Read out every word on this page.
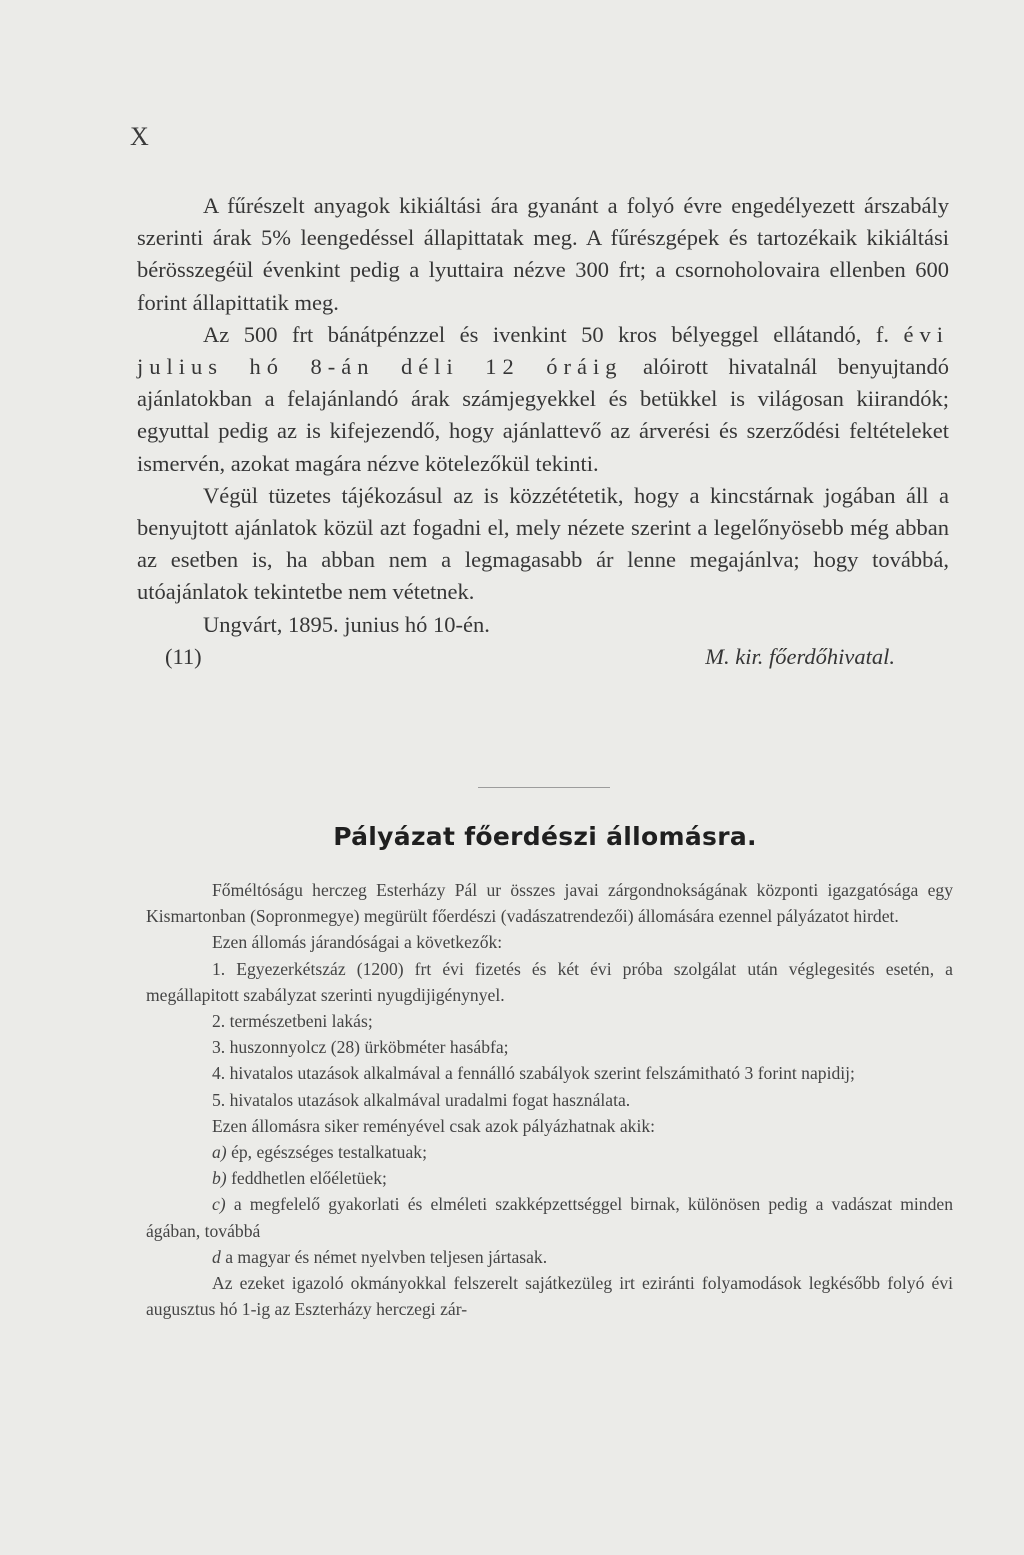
X

A fűrészelt anyagok kikiáltási ára gyanánt a folyó évre engedélyezett árszabály szerinti árak 5% leengedéssel állapittatak meg. A fűrészgépek és tartozékaik kikiáltási bérösszegéül évenkint pedig a lyuttaira nézve 300 frt; a csornoholovaira ellenben 600 forint állapittatik meg.

Az 500 frt bánátpénzzel és ivenkint 50 kros bélyeggel ellátandó, f. évi julius hó 8-án déli 12 óráig alóirott hivatalnál benyujtandó ajánlatokban a felajánlandó árak számjegyekkel és betükkel is világosan kiirandók; egyuttal pedig az is kifejezendő, hogy ajánlattevő az árverési és szerződési feltételeket ismervén, azokat magára nézve kötelezőkül tekinti.

Végül tüzetes tájékozásul az is közzététetik, hogy a kincstárnak jogában áll a benyujtott ajánlatok közül azt fogadni el, mely nézete szerint a legelőnyösebb még abban az esetben is, ha abban nem a legmagasabb ár lenne megajánlva; hogy továbbá, utóajánlatok tekintetbe nem vétetnek.

Ungvárt, 1895. junius hó 10-én.

(11)	M. kir. főerdőhivatal.
Pályázat főerdészi állomásra.

Főméltóságu herczeg Esterházy Pál ur összes javai zárgondnokságának központi igazgatósága egy Kismartonban (Sopronmegye) megürült főerdészi (vadászatrendezői) állomására ezennel pályázatot hirdet.

Ezen állomás járandóságai a következők:

1. Egyezerkétszáz (1200) frt évi fizetés és két évi próba szolgálat után véglegesités esetén, a megállapitott szabályzat szerinti nyugdijigénynyel.

2. természetbeni lakás;

3. huszonnyolcz (28) ürköbméter hasábfa;

4. hivatalos utazások alkalmával a fennálló szabályok szerint felszámitható 3 forint napidij;

5. hivatalos utazások alkalmával uradalmi fogat használata.

Ezen állomásra siker reményével csak azok pályázhatnak akik:

a) ép, egészséges testalkatuak;

b) feddhetlen előéletüek;

c) a megfelelő gyakorlati és elméleti szakképzettséggel birnak, különösen pedig a vadászat minden ágában, továbbá

d a magyar és német nyelvben teljesen jártasak.

Az ezeket igazoló okmányokkal felszerelt sajátkezüleg irt eziránti folyamodások legkésőbb folyó évi augusztus hó 1-ig az Eszterházy herczegi zár-
